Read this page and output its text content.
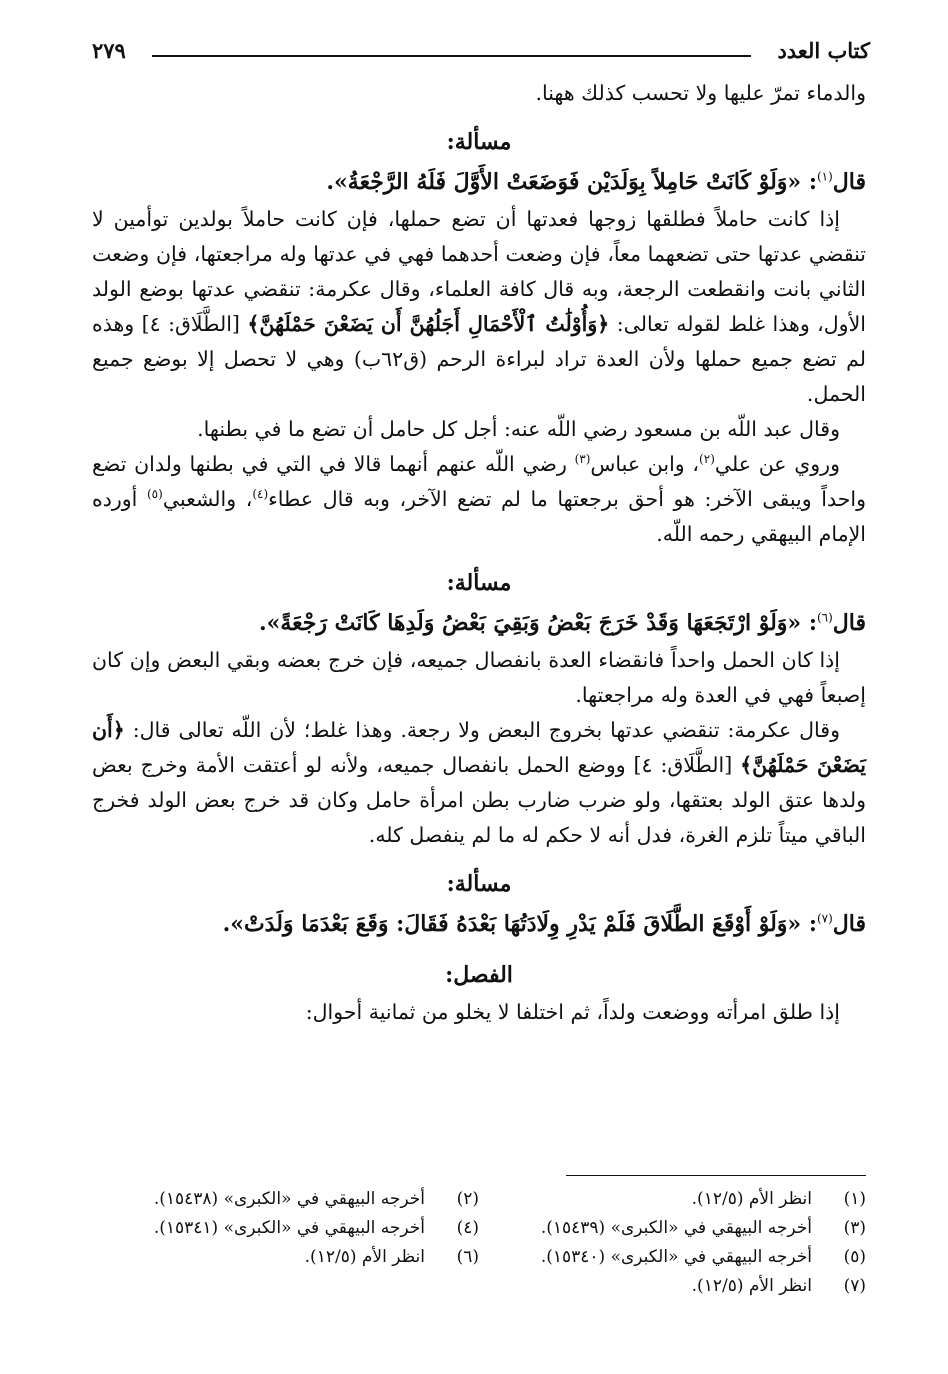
كتاب العدد
٢٧٩

والدماء تمرّ عليها ولا تحسب كذلك ههنا.

مسألة:

قال$^{(١)}$: «وَلَوْ كَانَتْ حَامِلاً بِوَلَدَيْن فَوَضَعَتْ الأَوَّلَ فَلَهُ الرَّجْعَةُ».

إذا كانت حاملاً فطلقها زوجها فعدتها أن تضع حملها، فإن كانت حاملاً بولدين توأمين لا تنقضي عدتها حتى تضعهما معاً، فإن وضعت أحدهما فهي في عدتها وله مراجعتها، فإن وضعت الثاني بانت وانقطعت الرجعة، وبه قال كافة العلماء، وقال عكرمة: تنقضي عدتها بوضع الولد الأول، وهذا غلط لقوله تعالى: ﴿وَأُوْلَٰتُ ٱلْأَحْمَالِ أَجَلُهُنَّ أَن يَضَعْنَ حَمْلَهُنَّ﴾ [الطَّلَاق: ٤] وهذه لم تضع جميع حملها ولأن العدة تراد لبراءة الرحم (ق٦٢ب) وهي لا تحصل إلا بوضع جميع الحمل.

وقال عبد اللّه بن مسعود رضي اللّه عنه: أجل كل حامل أن تضع ما في بطنها.

وروي عن علي$^{(٢)}$، وابن عباس$^{(٣)}$ رضي اللّه عنهم أنهما قالا في التي في بطنها ولدان تضع واحداً ويبقى الآخر: هو أحق برجعتها ما لم تضع الآخر، وبه قال عطاء$^{(٤)}$، والشعبي$^{(٥)}$ أورده الإمام البيهقي رحمه اللّه.

مسألة:

قال$^{(٦)}$: «وَلَوْ ارْتَجَعَهَا وَقَدْ خَرَجَ بَعْضُ وَبَقِيَ بَعْضُ وَلَدِهَا كَانَتْ رَجْعَةً».

إذا كان الحمل واحداً فانقضاء العدة بانفصال جميعه، فإن خرج بعضه وبقي البعض وإن كان إصبعاً فهي في العدة وله مراجعتها.

وقال عكرمة: تنقضي عدتها بخروج البعض ولا رجعة. وهذا غلط؛ لأن اللّه تعالى قال: ﴿أَن يَضَعْنَ حَمْلَهُنَّ﴾ [الطَّلَاق: ٤] ووضع الحمل بانفصال جميعه، ولأنه لو أعتقت الأمة وخرج بعض ولدها عتق الولد بعتقها، ولو ضرب ضارب بطن امرأة حامل وكان قد خرج بعض الولد فخرج الباقي ميتاً تلزم الغرة، فدل أنه لا حكم له ما لم ينفصل كله.

مسألة:

قال$^{(٧)}$: «وَلَوْ أَوْقَعَ الطَّلَاقَ فَلَمْ يَدْرِ وِلَادَتُهَا بَعْدَهُ فَقَالَ: وَقَعَ بَعْدَمَا وَلَدَتْ».

الفصل:

إذا طلق امرأته ووضعت ولداً، ثم اختلفا لا يخلو من ثمانية أحوال:

(١)
انظر الأم (١٢/٥).
(٢)
أخرجه البيهقي في «الكبرى» (١٥٤٣٨).
(٣)
أخرجه البيهقي في «الكبرى» (١٥٤٣٩).
(٤)
أخرجه البيهقي في «الكبرى» (١٥٣٤١).
(٥)
أخرجه البيهقي في «الكبرى» (١٥٣٤٠).
(٦)
انظر الأم (١٢/٥).
(٧)
انظر الأم (١٢/٥).
